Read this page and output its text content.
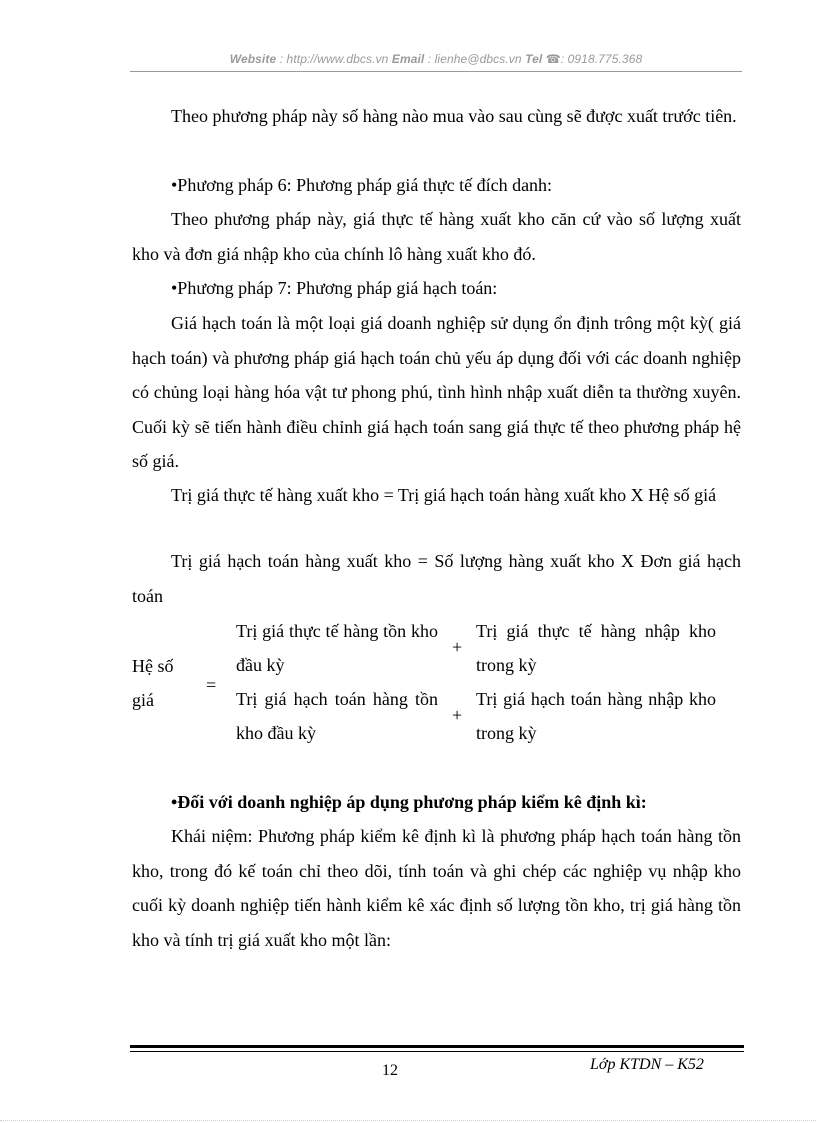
Website : http://www.dbcs.vn Email : lienhe@dbcs.vn Tel ☎: 0918.775.368
Theo phương pháp này số hàng nào mua vào sau cùng sẽ được xuất trước tiên.
•Phương pháp 6: Phương pháp giá thực tế đích danh:
Theo phương pháp này, giá thực tế hàng xuất kho căn cứ vào số lượng xuất kho và đơn giá nhập kho của chính lô hàng xuất kho đó.
•Phương pháp 7: Phương pháp giá hạch toán:
Giá hạch toán là một loại giá doanh nghiệp sử dụng ổn định trông một kỳ( giá hạch toán) và phương pháp giá hạch toán chủ yếu áp dụng đối với các doanh nghiệp có chủng loại hàng hóa vật tư phong phú, tình hình nhập xuất diễn ta thường xuyên. Cuối kỳ sẽ tiến hành điều chỉnh giá hạch toán sang giá thực tế theo phương pháp hệ số giá.
Trị giá thực tế hàng xuất kho = Trị giá hạch toán hàng xuất kho X Hệ số giá
Trị giá hạch toán hàng xuất kho = Số lượng hàng xuất kho X Đơn giá hạch toán
Hệ số
giá
=
Trị giá thực tế hàng tồn kho đầu kỳ
+
Trị giá thực tế hàng nhập kho trong kỳ
Trị giá hạch toán hàng tồn kho đầu kỳ
+
Trị giá hạch toán hàng nhập kho trong kỳ
•Đối với doanh nghiệp áp dụng phương pháp kiểm kê định kì:
Khái niệm: Phương pháp kiểm kê định kì là phương pháp hạch toán hàng tồn kho, trong đó kế toán chỉ theo dõi, tính toán và ghi chép các nghiệp vụ nhập kho cuối kỳ doanh nghiệp tiến hành kiểm kê xác định số lượng tồn kho, trị giá hàng tồn kho và tính trị giá xuất kho một lần:
12	Lớp KTDN – K52
